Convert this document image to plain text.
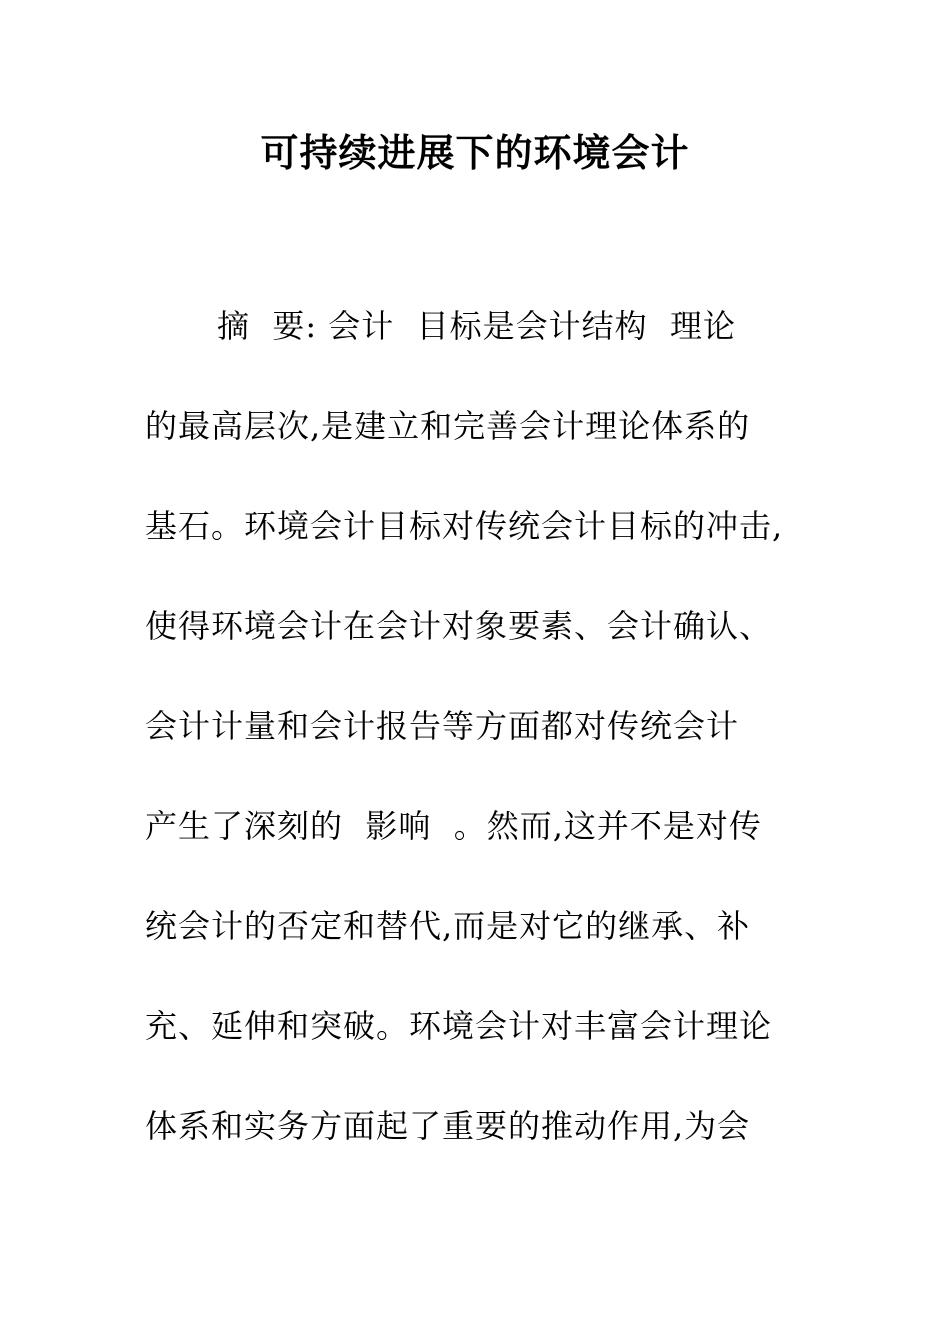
可持续进展下的环境会计
摘  要: 会计  目标是会计结构  理论
的最高层次,是建立和完善会计理论体系的
基石。环境会计目标对传统会计目标的冲击,
使得环境会计在会计对象要素、会计确认、
会计计量和会计报告等方面都对传统会计
产生了深刻的  影响  。然而,这并不是对传
统会计的否定和替代,而是对它的继承、补
充、延伸和突破。环境会计对丰富会计理论
体系和实务方面起了重要的推动作用,为会
